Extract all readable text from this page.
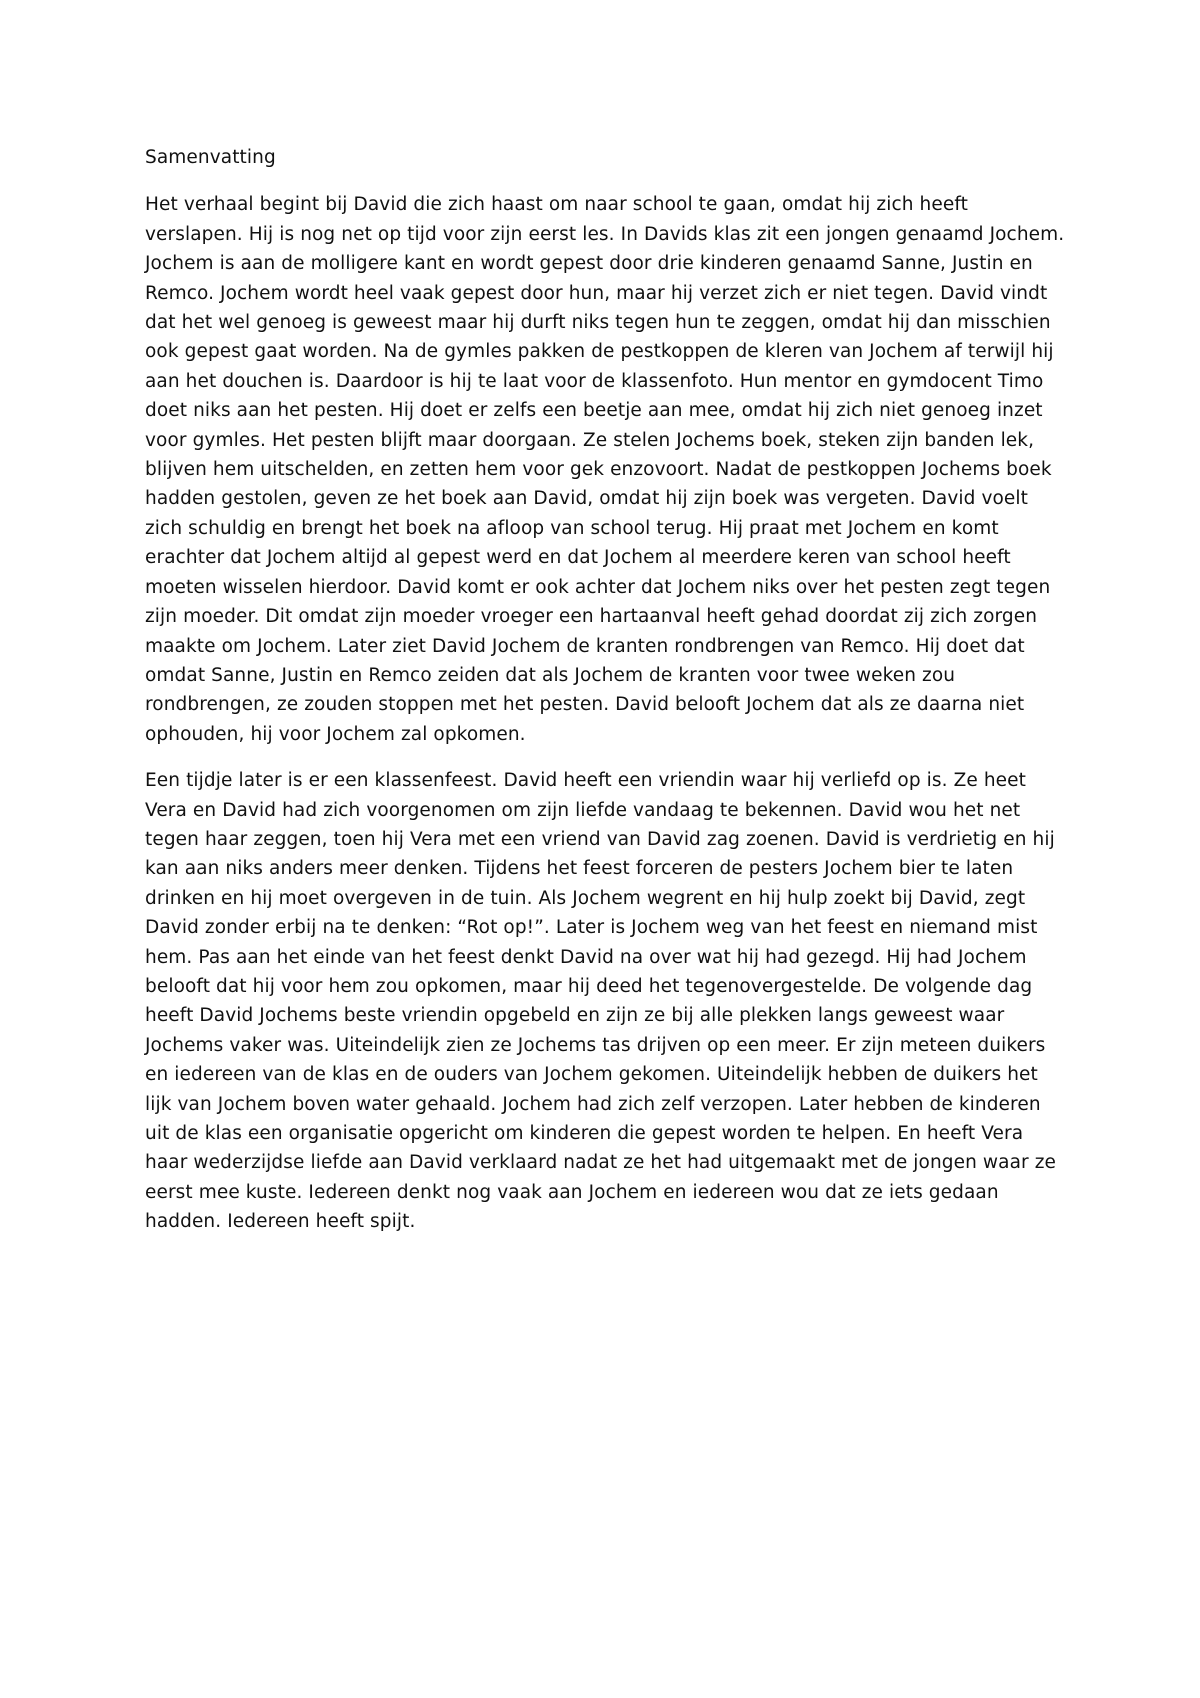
Samenvatting

Het verhaal begint bij David die zich haast om naar school te gaan, omdat hij zich heeft verslapen. Hij is nog net op tijd voor zijn eerst les. In Davids klas zit een jongen genaamd Jochem. Jochem is aan de molligere kant en wordt gepest door drie kinderen genaamd Sanne, Justin en Remco. Jochem wordt heel vaak gepest door hun, maar hij verzet zich er niet tegen. David vindt dat het wel genoeg is geweest maar hij durft niks tegen hun te zeggen, omdat hij dan misschien ook gepest gaat worden. Na de gymles pakken de pestkoppen de kleren van Jochem af terwijl hij aan het douchen is. Daardoor is hij te laat voor de klassenfoto. Hun mentor en gymdocent Timo doet niks aan het pesten. Hij doet er zelfs een beetje aan mee, omdat hij zich niet genoeg inzet voor gymles. Het pesten blijft maar doorgaan. Ze stelen Jochems boek, steken zijn banden lek, blijven hem uitschelden, en zetten hem voor gek enzovoort. Nadat de pestkoppen Jochems boek hadden gestolen, geven ze het boek aan David, omdat hij zijn boek was vergeten. David voelt zich schuldig en brengt het boek na afloop van school terug. Hij praat met Jochem en komt erachter dat Jochem altijd al gepest werd en dat Jochem al meerdere keren van school heeft moeten wisselen hierdoor. David komt er ook achter dat Jochem niks over het pesten zegt tegen zijn moeder. Dit omdat zijn moeder vroeger een hartaanval heeft gehad doordat zij zich zorgen maakte om Jochem. Later ziet David Jochem de kranten rondbrengen van Remco. Hij doet dat omdat Sanne, Justin en Remco zeiden dat als Jochem de kranten voor twee weken zou rondbrengen, ze zouden stoppen met het pesten. David belooft Jochem dat als ze daarna niet ophouden, hij voor Jochem zal opkomen.

Een tijdje later is er een klassenfeest. David heeft een vriendin waar hij verliefd op is. Ze heet Vera en David had zich voorgenomen om zijn liefde vandaag te bekennen. David wou het net tegen haar zeggen, toen hij Vera met een vriend van David zag zoenen. David is verdrietig en hij kan aan niks anders meer denken. Tijdens het feest forceren de pesters Jochem bier te laten drinken en hij moet overgeven in de tuin. Als Jochem wegrent en hij hulp zoekt bij David, zegt David zonder erbij na te denken: “Rot op!”. Later is Jochem weg van het feest en niemand mist hem. Pas aan het einde van het feest denkt David na over wat hij had gezegd. Hij had Jochem belooft dat hij voor hem zou opkomen, maar hij deed het tegenovergestelde. De volgende dag heeft David Jochems beste vriendin opgebeld en zijn ze bij alle plekken langs geweest waar Jochems vaker was. Uiteindelijk zien ze Jochems tas drijven op een meer. Er zijn meteen duikers en iedereen van de klas en de ouders van Jochem gekomen. Uiteindelijk hebben de duikers het lijk van Jochem boven water gehaald. Jochem had zich zelf verzopen. Later hebben de kinderen uit de klas een organisatie opgericht om kinderen die gepest worden te helpen. En heeft Vera haar wederzijdse liefde aan David verklaard nadat ze het had uitgemaakt met de jongen waar ze eerst mee kuste. Iedereen denkt nog vaak aan Jochem en iedereen wou dat ze iets gedaan hadden. Iedereen heeft spijt.
